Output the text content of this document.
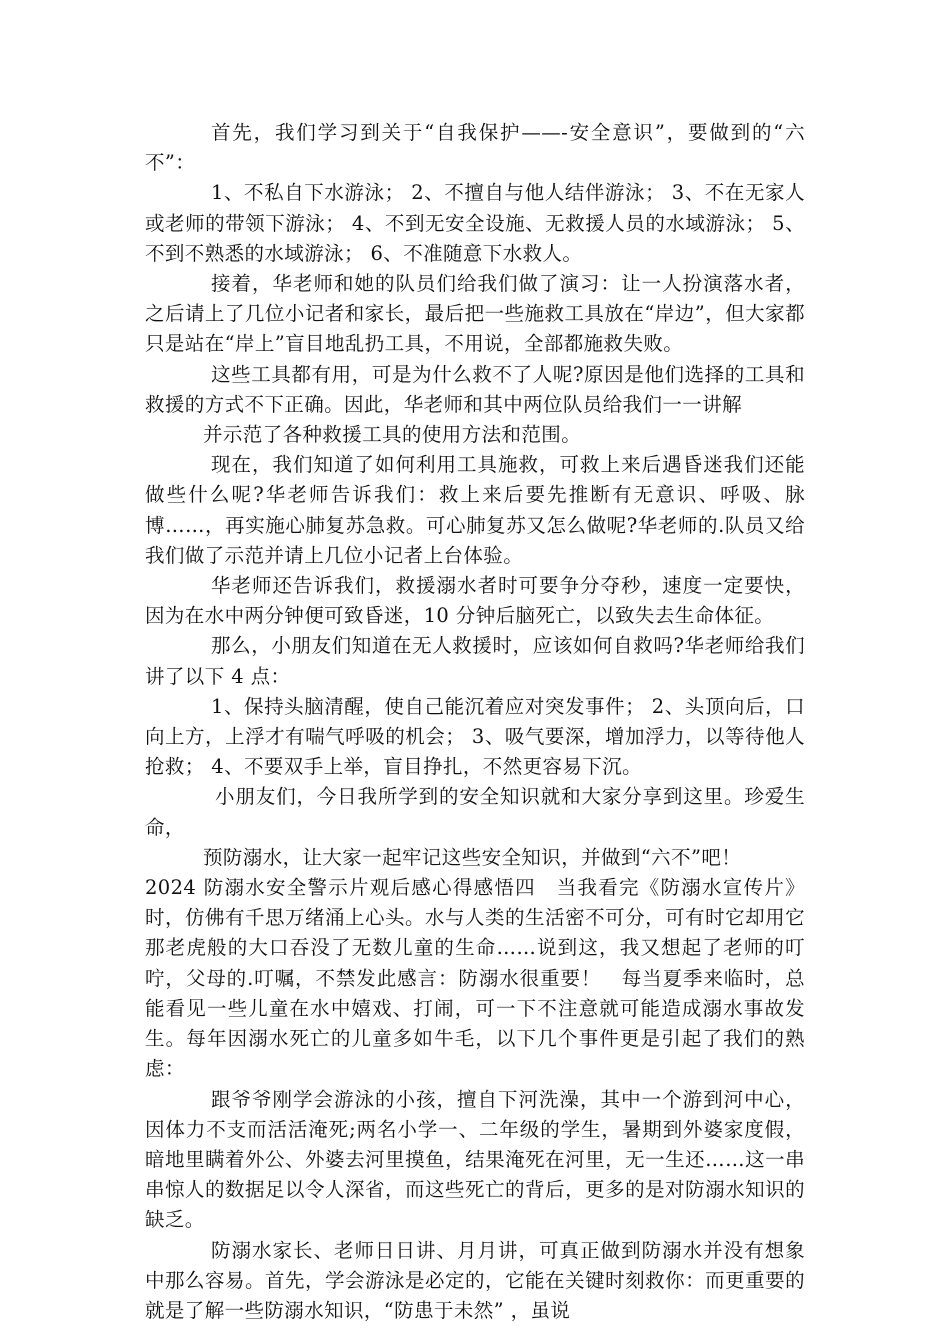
首先，我们学习到关于“自我保护——-安全意识”，要做到的“六不”：

1、不私自下水游泳； 2、不擅自与他人结伴游泳； 3、不在无家人或老师的带领下游泳； 4、不到无安全设施、无救援人员的水域游泳； 5、不到不熟悉的水域游泳； 6、不准随意下水救人。

接着，华老师和她的队员们给我们做了演习：让一人扮演落水者，之后请上了几位小记者和家长，最后把一些施救工具放在“岸边”，但大家都只是站在“岸上”盲目地乱扔工具，不用说，全部都施救失败。

这些工具都有用，可是为什么救不了人呢?原因是他们选择的工具和救援的方式不下正确。因此，华老师和其中两位队员给我们一一讲解

并示范了各种救援工具的使用方法和范围。

现在，我们知道了如何利用工具施救，可救上来后遇昏迷我们还能做些什么呢?华老师告诉我们：救上来后要先推断有无意识、呼吸、脉博……，再实施心肺复苏急救。可心肺复苏又怎么做呢?华老师的.队员又给我们做了示范并请上几位小记者上台体验。

华老师还告诉我们，救援溺水者时可要争分夺秒，速度一定要快，因为在水中两分钟便可致昏迷，10 分钟后脑死亡，以致失去生命体征。

那么，小朋友们知道在无人救援时，应该如何自救吗?华老师给我们讲了以下 4 点：

1、保持头脑清醒，使自己能沉着应对突发事件； 2、头顶向后，口向上方，上浮才有喘气呼吸的机会； 3、吸气要深，增加浮力，以等待他人抢救； 4、不要双手上举，盲目挣扎，不然更容易下沉。

小朋友们，今日我所学到的安全知识就和大家分享到这里。珍爱生命，

预防溺水，让大家一起牢记这些安全知识，并做到“六不”吧！

2024 防溺水安全警示片观后感心得感悟四　当我看完《防溺水宣传片》时，仿佛有千思万绪涌上心头。水与人类的生活密不可分，可有时它却用它那老虎般的大口吞没了无数儿童的生命……说到这，我又想起了老师的叮咛，父母的.叮嘱，不禁发此感言：防溺水很重要！　每当夏季来临时，总能看见一些儿童在水中嬉戏、打闹，可一下不注意就可能造成溺水事故发生。每年因溺水死亡的儿童多如牛毛，以下几个事件更是引起了我们的熟虑：

跟爷爷刚学会游泳的小孩，擅自下河洗澡，其中一个游到河中心，因体力不支而活活淹死;两名小学一、二年级的学生，暑期到外婆家度假，暗地里瞒着外公、外婆去河里摸鱼，结果淹死在河里，无一生还……这一串串惊人的数据足以令人深省，而这些死亡的背后，更多的是对防溺水知识的缺乏。

防溺水家长、老师日日讲、月月讲，可真正做到防溺水并没有想象中那么容易。首先，学会游泳是必定的，它能在关键时刻救你：而更重要的就是了解一些防溺水知识，“防患于未然” ，虽说
